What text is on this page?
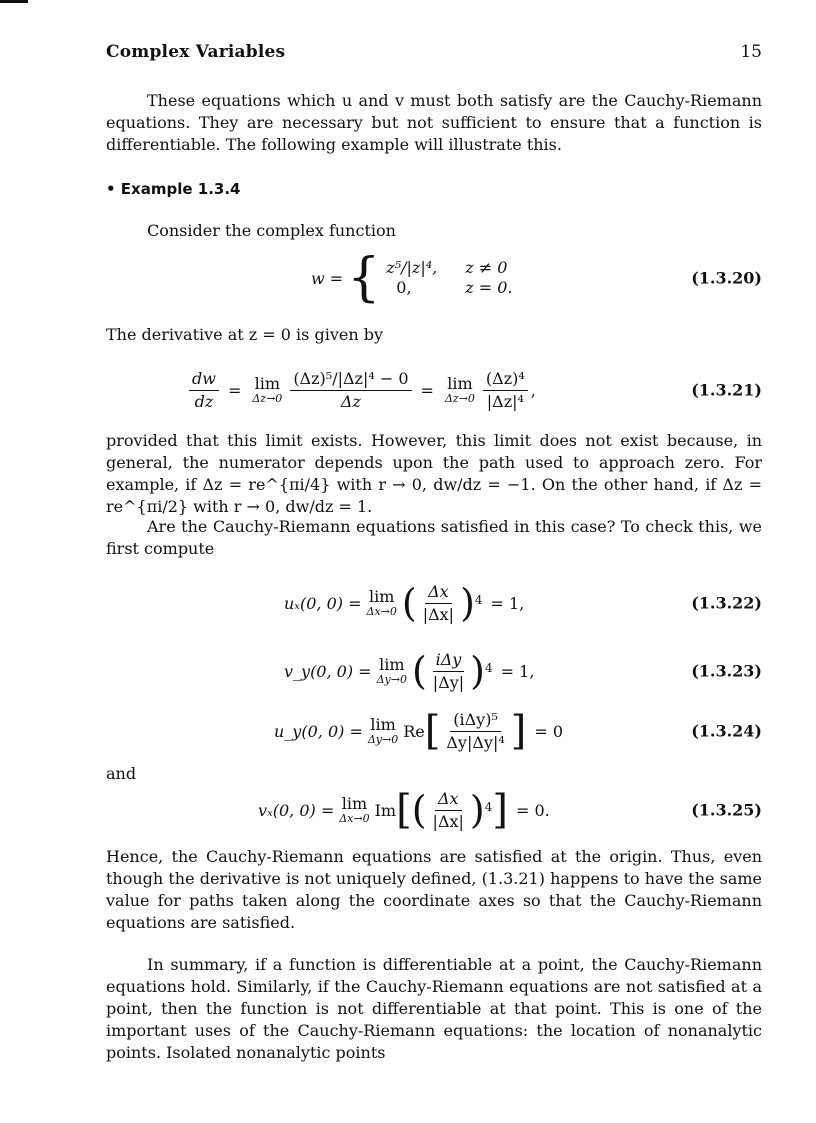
Complex Variables	15

These equations which u and v must both satisfy are the Cauchy-Riemann equations. They are necessary but not sufficient to ensure that a function is differentiable. The following example will illustrate this.

• Example 1.3.4

Consider the complex function

w = { z⁵/|z|⁴, z ≠ 0
0,	z = 0.	(1.3.20)

The derivative at z = 0 is given by

$\frac{dw}{dz} = \lim$
$\Delta z\to 0 \frac{\text{(Δz)⁵/|Δz|⁴ − 0}}{\Delta z} = \lim$
$\Delta z\to 0 \frac{\text{(Δz)⁴}}{\text{|Δz|⁴}}$ ,	(1.3.21)

provided that this limit exists. However, this limit does not exist because, in general, the numerator depends upon the path used to approach zero. For example, if Δz = re^{πi/4} with r → 0, dw/dz = −1. On the other hand, if Δz = re^{πi/2} with r → 0, dw/dz = 1.

Are the Cauchy-Riemann equations satisfied in this case? To check this, we first compute

uₓ(0, 0) = lim
Δx→0 ( $\frac{\Delta x}{|\Delta x|}$ ) 4 = 1,	(1.3.22)
v_y(0, 0) = lim
Δy→0 ( $\frac{\text{iΔy}}{|\Delta y|}$ ) 4 = 1,	(1.3.23)
u_y(0, 0) = lim
Δy→0 Re [ $\frac{\text{(iΔy)⁵}}{\text{Δy|Δy|⁴}}$ ] = 0	(1.3.24)
and
vₓ(0, 0) = lim
Δx→0 Im [ ( $\frac{\Delta x}{|\Delta x|}$ ) 4 ] = 0.	(1.3.25)

Hence, the Cauchy-Riemann equations are satisfied at the origin. Thus, even though the derivative is not uniquely defined, (1.3.21) happens to have the same value for paths taken along the coordinate axes so that the Cauchy-Riemann equations are satisfied.

In summary, if a function is differentiable at a point, the Cauchy-Riemann equations hold. Similarly, if the Cauchy-Riemann equations are not satisfied at a point, then the function is not differentiable at that point. This is one of the important uses of the Cauchy-Riemann equations: the location of nonanalytic points. Isolated nonanalytic points
